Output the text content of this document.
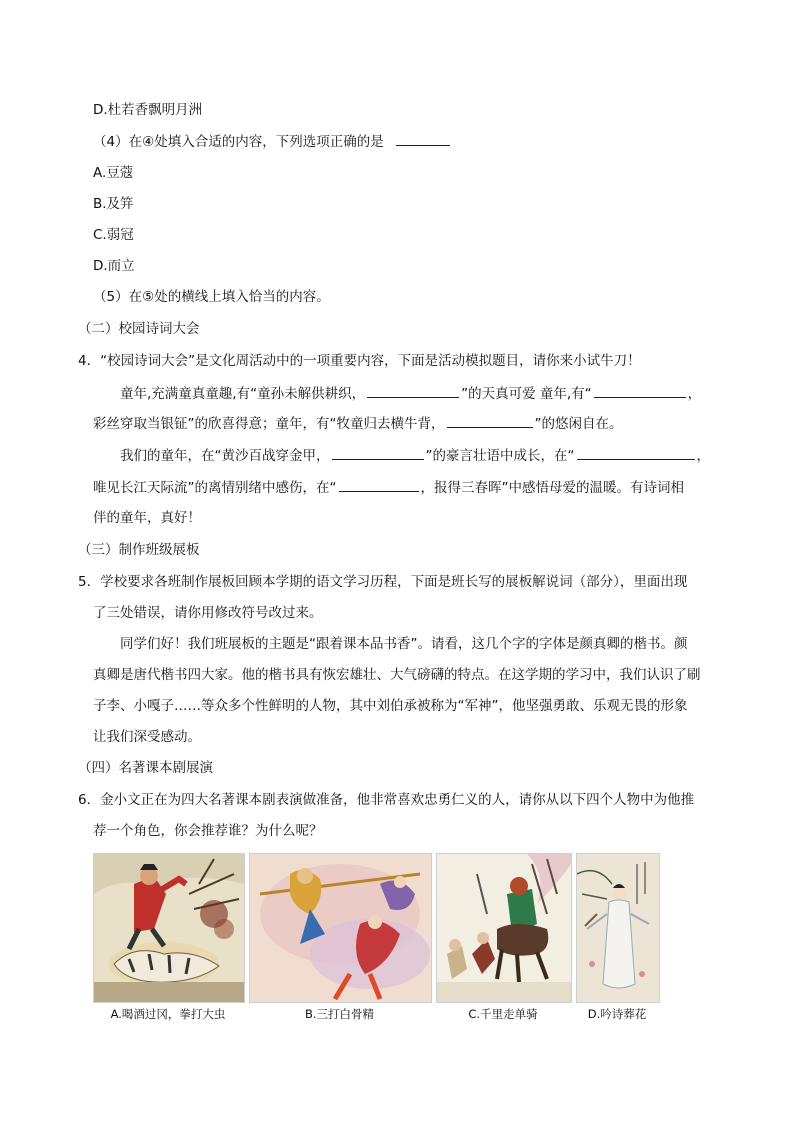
D.杜若香飘明月洲
（4）在④处填入合适的内容，下列选项正确的是
A.豆蔻
B.及笄
C.弱冠
D.而立
（5）在⑤处的横线上填入恰当的内容。
（二）校园诗词大会
4．“校园诗词大会”是文化周活动中的一项重要内容，下面是活动模拟题目，请你来小试牛刀！
童年,充满童真童趣,有“童孙未解供耕织，	”的天真可爱 童年,有“	，
彩丝穿取当银钲”的欣喜得意；童年，有“牧童归去横牛背，	”的悠闲自在。
我们的童年，在“黄沙百战穿金甲，	”的豪言壮语中成长，在“	，
唯见长江天际流”的离情别绪中感伤，在“	，报得三春晖”中感悟母爱的温暖。有诗词相
伴的童年，真好！
（三）制作班级展板
5．学校要求各班制作展板回顾本学期的语文学习历程，下面是班长写的展板解说词（部分），里面出现
了三处错误，请你用修改符号改过来。
同学们好！我们班展板的主题是“跟着课本品书香”。请看，这几个字的字体是颜真卿的楷书。颜
真卿是唐代楷书四大家。他的楷书具有恢宏雄壮、大气磅礴的特点。在这学期的学习中，我们认识了刷
子李、小嘎子……等众多个性鲜明的人物，其中刘伯承被称为“军神”，他坚强勇敢、乐观无畏的形象
让我们深受感动。
（四）名著课本剧展演
6．金小文正在为四大名著课本剧表演做准备，他非常喜欢忠勇仁义的人，请你从以下四个人物中为他推
荐一个角色，你会推荐谁？为什么呢？
A.喝酒过冈，拳打大虫	B.三打白骨精	C.千里走单骑	D.吟诗葬花
